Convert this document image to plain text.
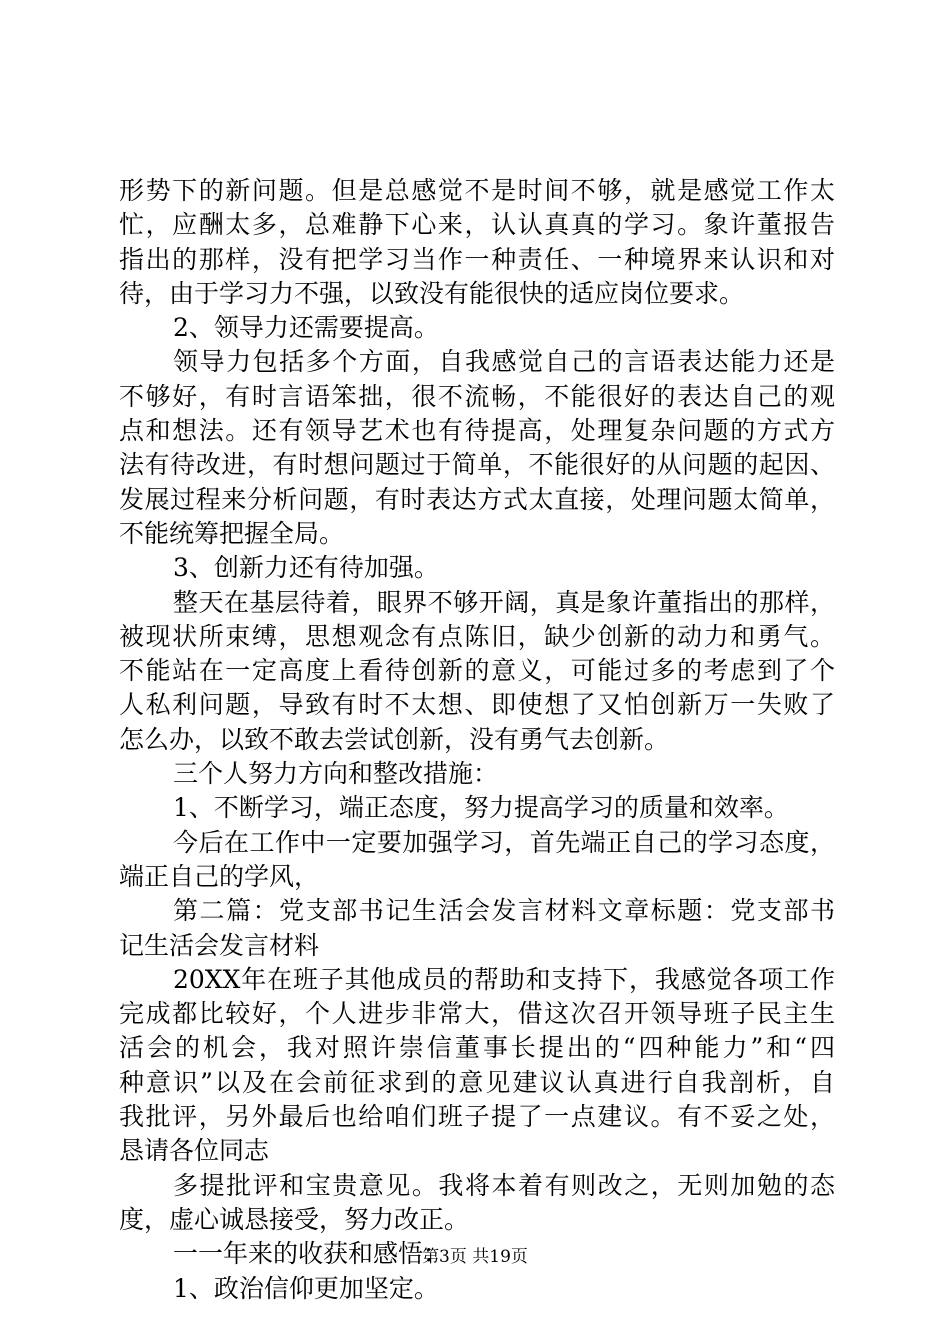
形势下的新问题。但是总感觉不是时间不够，就是感觉工作太
忙，应酬太多，总难静下心来，认认真真的学习。象许董报告
指出的那样，没有把学习当作一种责任、一种境界来认识和对
待，由于学习力不强，以致没有能很快的适应岗位要求。
2、领导力还需要提高。
领导力包括多个方面，自我感觉自己的言语表达能力还是
不够好，有时言语笨拙，很不流畅，不能很好的表达自己的观
点和想法。还有领导艺术也有待提高，处理复杂问题的方式方
法有待改进，有时想问题过于简单，不能很好的从问题的起因、
发展过程来分析问题，有时表达方式太直接，处理问题太简单，
不能统筹把握全局。
3、创新力还有待加强。
整天在基层待着，眼界不够开阔，真是象许董指出的那样，
被现状所束缚，思想观念有点陈旧，缺少创新的动力和勇气。
不能站在一定高度上看待创新的意义，可能过多的考虑到了个
人私利问题，导致有时不太想、即使想了又怕创新万一失败了
怎么办，以致不敢去尝试创新，没有勇气去创新。
三个人努力方向和整改措施：
1、不断学习，端正态度，努力提高学习的质量和效率。
今后在工作中一定要加强学习，首先端正自己的学习态度，
端正自己的学风，
第二篇：党支部书记生活会发言材料文章标题：党支部书
记生活会发言材料
20XX年在班子其他成员的帮助和支持下，我感觉各项工作
完成都比较好，个人进步非常大，借这次召开领导班子民主生
活会的机会，我对照许崇信董事长提出的“四种能力”和“四
种意识”以及在会前征求到的意见建议认真进行自我剖析，自
我批评，另外最后也给咱们班子提了一点建议。有不妥之处，
恳请各位同志
多提批评和宝贵意见。我将本着有则改之，无则加勉的态
度，虚心诚恳接受，努力改正。
一一年来的收获和感悟：
1、政治信仰更加坚定。
第3页 共19页
